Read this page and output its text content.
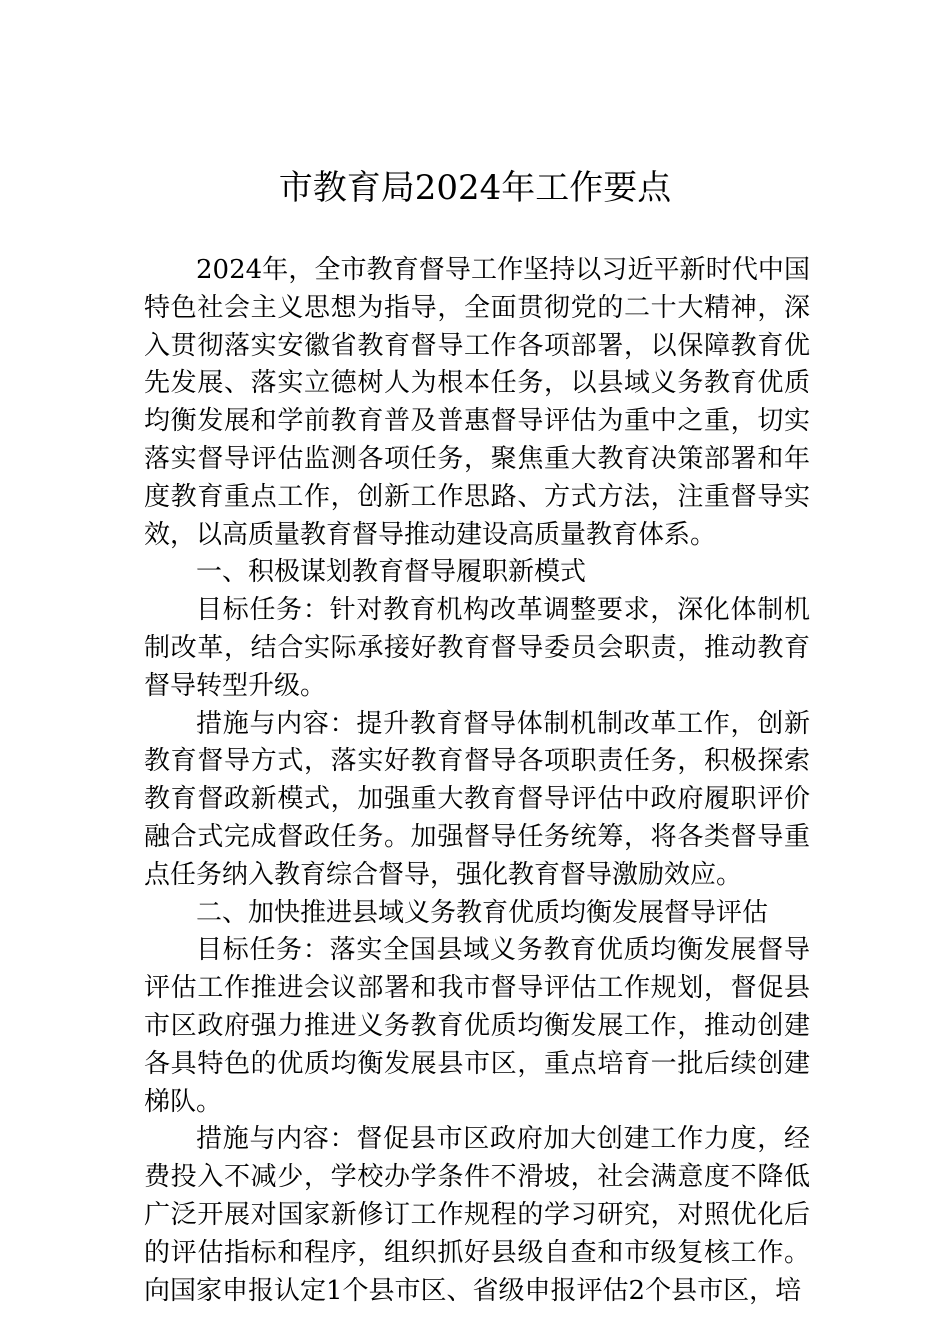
市教育局2024年工作要点

2024年，全市教育督导工作坚持以习近平新时代中国特色社会主义思想为指导，全面贯彻党的二十大精神，深入贯彻落实安徽省教育督导工作各项部署，以保障教育优先发展、落实立德树人为根本任务，以县域义务教育优质均衡发展和学前教育普及普惠督导评估为重中之重，切实落实督导评估监测各项任务，聚焦重大教育决策部署和年度教育重点工作，创新工作思路、方式方法，注重督导实效，以高质量教育督导推动建设高质量教育体系。

一、积极谋划教育督导履职新模式

目标任务：针对教育机构改革调整要求，深化体制机制改革，结合实际承接好教育督导委员会职责，推动教育督导转型升级。

措施与内容：提升教育督导体制机制改革工作，创新教育督导方式，落实好教育督导各项职责任务，积极探索教育督政新模式，加强重大教育督导评估中政府履职评价融合式完成督政任务。加强督导任务统筹，将各类督导重点任务纳入教育综合督导，强化教育督导激励效应。

二、加快推进县域义务教育优质均衡发展督导评估

目标任务：落实全国县域义务教育优质均衡发展督导评估工作推进会议部署和我市督导评估工作规划，督促县市区政府强力推进义务教育优质均衡发展工作，推动创建各具特色的优质均衡发展县市区，重点培育一批后续创建梯队。

措施与内容：督促县市区政府加大创建工作力度，经费投入不减少，学校办学条件不滑坡，社会满意度不降低广泛开展对国家新修订工作规程的学习研究，对照优化后的评估指标和程序，组织抓好县级自查和市级复核工作。向国家申报认定1个县市区、省级申报评估2个县市区，培
